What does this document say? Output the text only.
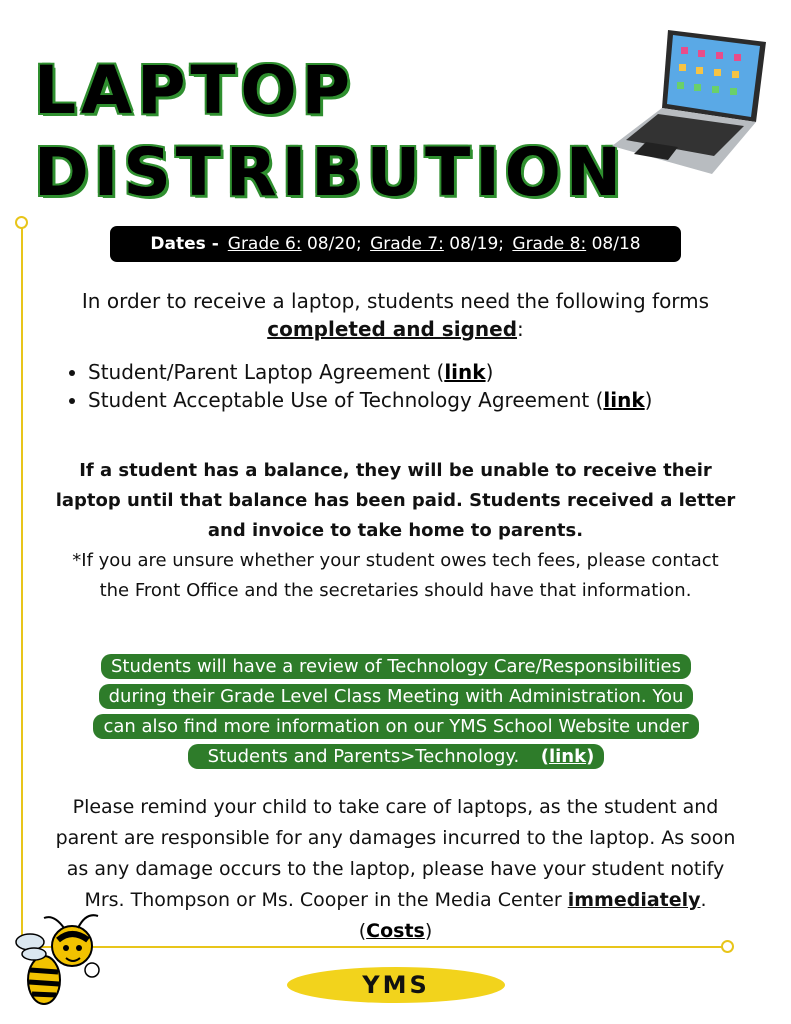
LAPTOP
DISTRIBUTION
Dates - Grade 6:
08/20;
Grade 7:
08/19;
Grade 8:
08/18
In order to receive a laptop, students need the following forms completed and signed:
• Student/Parent Laptop Agreement (link)
• Student Acceptable Use of Technology Agreement (link)
If a student has a balance, they will be unable to receive their laptop until that balance has been paid. Students received a letter and invoice to take home to parents.
*If you are unsure whether your student owes tech fees, please contact the Front Office and the secretaries should have that information.
Students will have a review of Technology Care/Responsibilities
during their Grade Level Class Meeting with Administration. You
can also find more information on our YMS School Website under
Students and Parents>Technology. (link)
Please remind your child to take care of laptops, as the student and parent are responsible for any damages incurred to the laptop. As soon as any damage occurs to the laptop, please have your student notify Mrs. Thompson or Ms. Cooper in the Media Center immediately. (Costs)
YMS
